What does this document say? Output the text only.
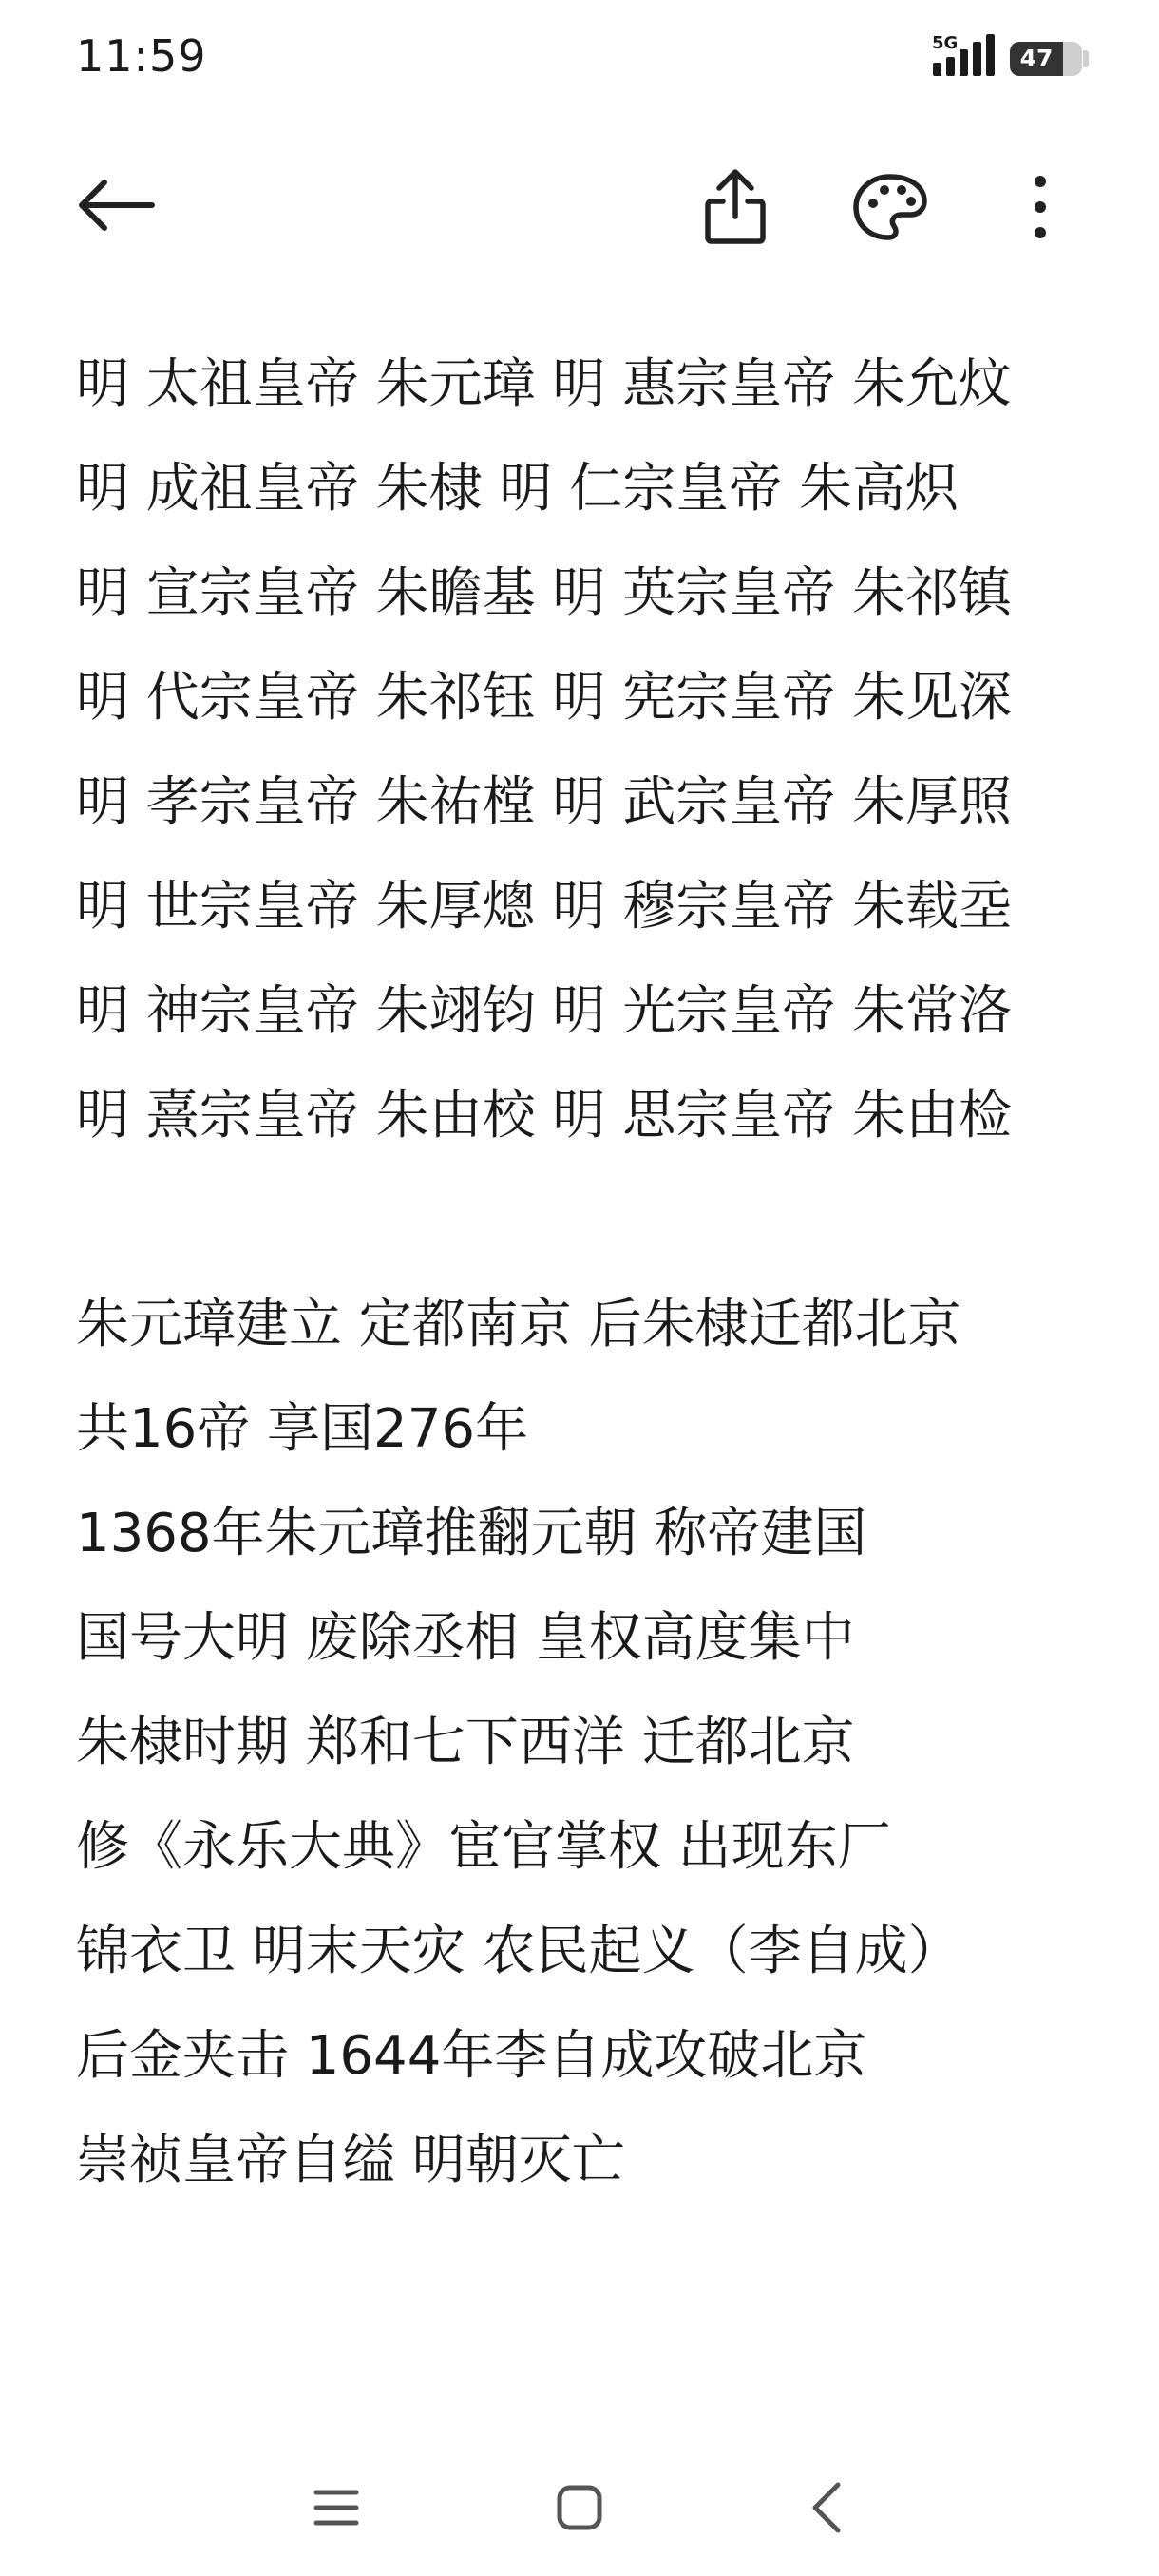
11:59	5G
47
明 太祖皇帝 朱元璋 明 惠宗皇帝 朱允炆
明 成祖皇帝 朱棣 明 仁宗皇帝 朱高炽
明 宣宗皇帝 朱瞻基 明 英宗皇帝 朱祁镇
明 代宗皇帝 朱祁钰 明 宪宗皇帝 朱见深
明 孝宗皇帝 朱祐樘 明 武宗皇帝 朱厚照
明 世宗皇帝 朱厚熜 明 穆宗皇帝 朱载坖
明 神宗皇帝 朱翊钧 明 光宗皇帝 朱常洛
明 熹宗皇帝 朱由校 明 思宗皇帝 朱由检
朱元璋建立 定都南京 后朱棣迁都北京
共16帝 享国276年
1368年朱元璋推翻元朝 称帝建国
国号大明 废除丞相 皇权高度集中
朱棣时期 郑和七下西洋 迁都北京
修《永乐大典》宦官掌权 出现东厂
锦衣卫 明末天灾 农民起义（李自成）
后金夹击 1644年李自成攻破北京
崇祯皇帝自缢 明朝灭亡
